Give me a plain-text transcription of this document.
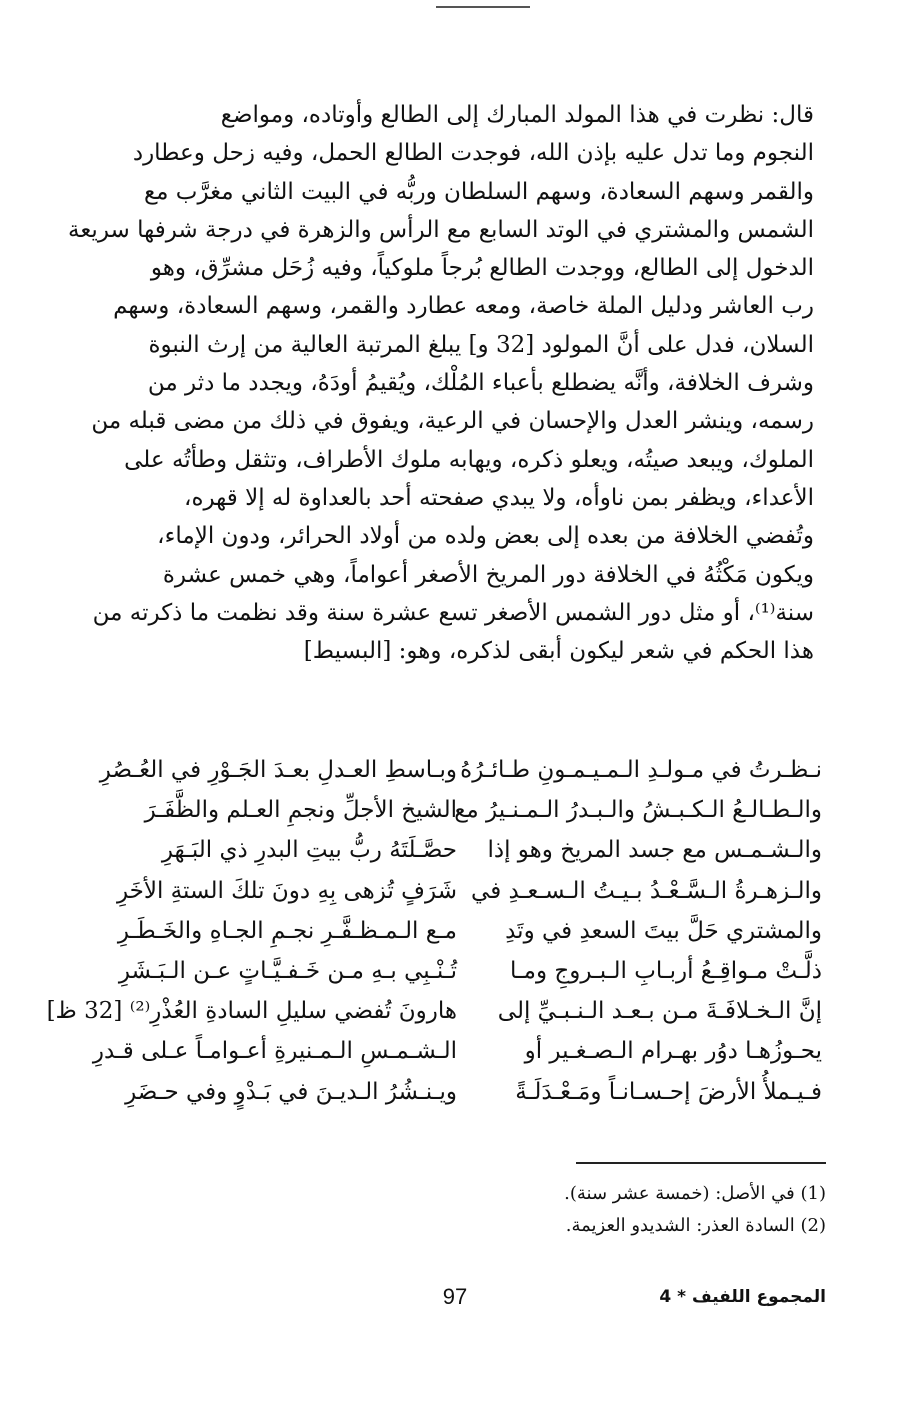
قال: نظرت في هذا المولد المبارك إلى الطالع وأوتاده، ومواضع
النجوم وما تدل عليه بإذن الله، فوجدت الطالع الحمل، وفيه زحل وعطارد
والقمر وسهم السعادة، وسهم السلطان وربُّه في البيت الثاني مغرَّب مع
الشمس والمشتري في الوتد السابع مع الرأس والزهرة في درجة شرفها سريعة
الدخول إلى الطالع، ووجدت الطالع بُرجاً ملوكياً، وفيه زُحَل مشرِّق، وهو
رب العاشر ودليل الملة خاصة، ومعه عطارد والقمر، وسهم السعادة، وسهم
السلان، فدل على أنَّ المولود [32 و] يبلغ المرتبة العالية من إرث النبوة
وشرف الخلافة، وأنَّه يضطلع بأعباء المُلْك، ويُقيمُ أودَهُ، ويجدد ما دثر من
رسمه، وينشر العدل والإحسان في الرعية، ويفوق في ذلك من مضى قبله من
الملوك، ويبعد صيتُه، ويعلو ذكره، ويهابه ملوك الأطراف، وتثقل وطأتُه على
الأعداء، ويظفر بمن ناوأه، ولا يبدي صفحته أحد بالعداوة له إلا قهره،
وتُفضي الخلافة من بعده إلى بعض ولده من أولاد الحرائر، ودون الإماء،
ويكون مَكْثُهُ في الخلافة دور المريخ الأصغر أعواماً، وهي خمس عشرة
سنة⁽¹⁾، أو مثل دور الشمس الأصغر تسع عشرة سنة وقد نظمت ما ذكرته من
هذا الحكم في شعر ليكون أبقى لذكره، وهو: [البسيط]
نـظـرتُ في مـولـدِ الـمـيـمـونِ طـائـرُهُ
والـطـالـعُ الـكـبـشُ والـبـدرُ الـمـنـيرُ مع
والـشـمـس مع جسد المريخ وهو إذا
والـزهـرةُ الـسَّـعْـدُ بـيـتُ الـسـعـدِ في
والمشتري حَلَّ بيتَ السعدِ في وتَدِ
ذلَّـتْ مـواقِـعُ أربـابِ الـبـروجِ ومـا
إنَّ الـخـلافَـةَ مـن بـعـد الـنـبـيِّ إلى
يحـوزُهـا دوُر بهـرام الـصـغـير أو
فـيـملأُ الأرضَ إحـسـانـاً ومَـعْـدَلَـةً
وبـاسطِ العـدلِ بعـدَ الجَـوْرِ في العُـصُرِ
الشيخ الأجلِّ ونجمِ العـلم والظَّفَـرَ
حصَّـلَتَهُ ربُّ بيتِ البدرِ ذي البَـهَرِ
شَرَفٍ تُزهى بِهِ دونَ تلكَ الستةِ الأخَرِ
مـع الـمـظـفَّـرِ نجـمِ الجـاهِ والخَـطَـرِ
تُـنْـبِي بـهِ مـن خَـفـيَّـاتٍ عـن الـبَـشَرِ
هارونَ تُفضي سليلِ السادةِ العُذْرِ⁽²⁾ [32 ظ]
الـشـمـسِ الـمـنيرةِ أعـوامـاً عـلى قـدرِ
ويـنـشُرُ الـديـنَ في بَـدْوٍ وفي حـضَرِ
(1) في الأصل: (خمسة عشر سنة).
(2) السادة العذر: الشديدو العزيمة.
97	المجموع اللفيف * 4
